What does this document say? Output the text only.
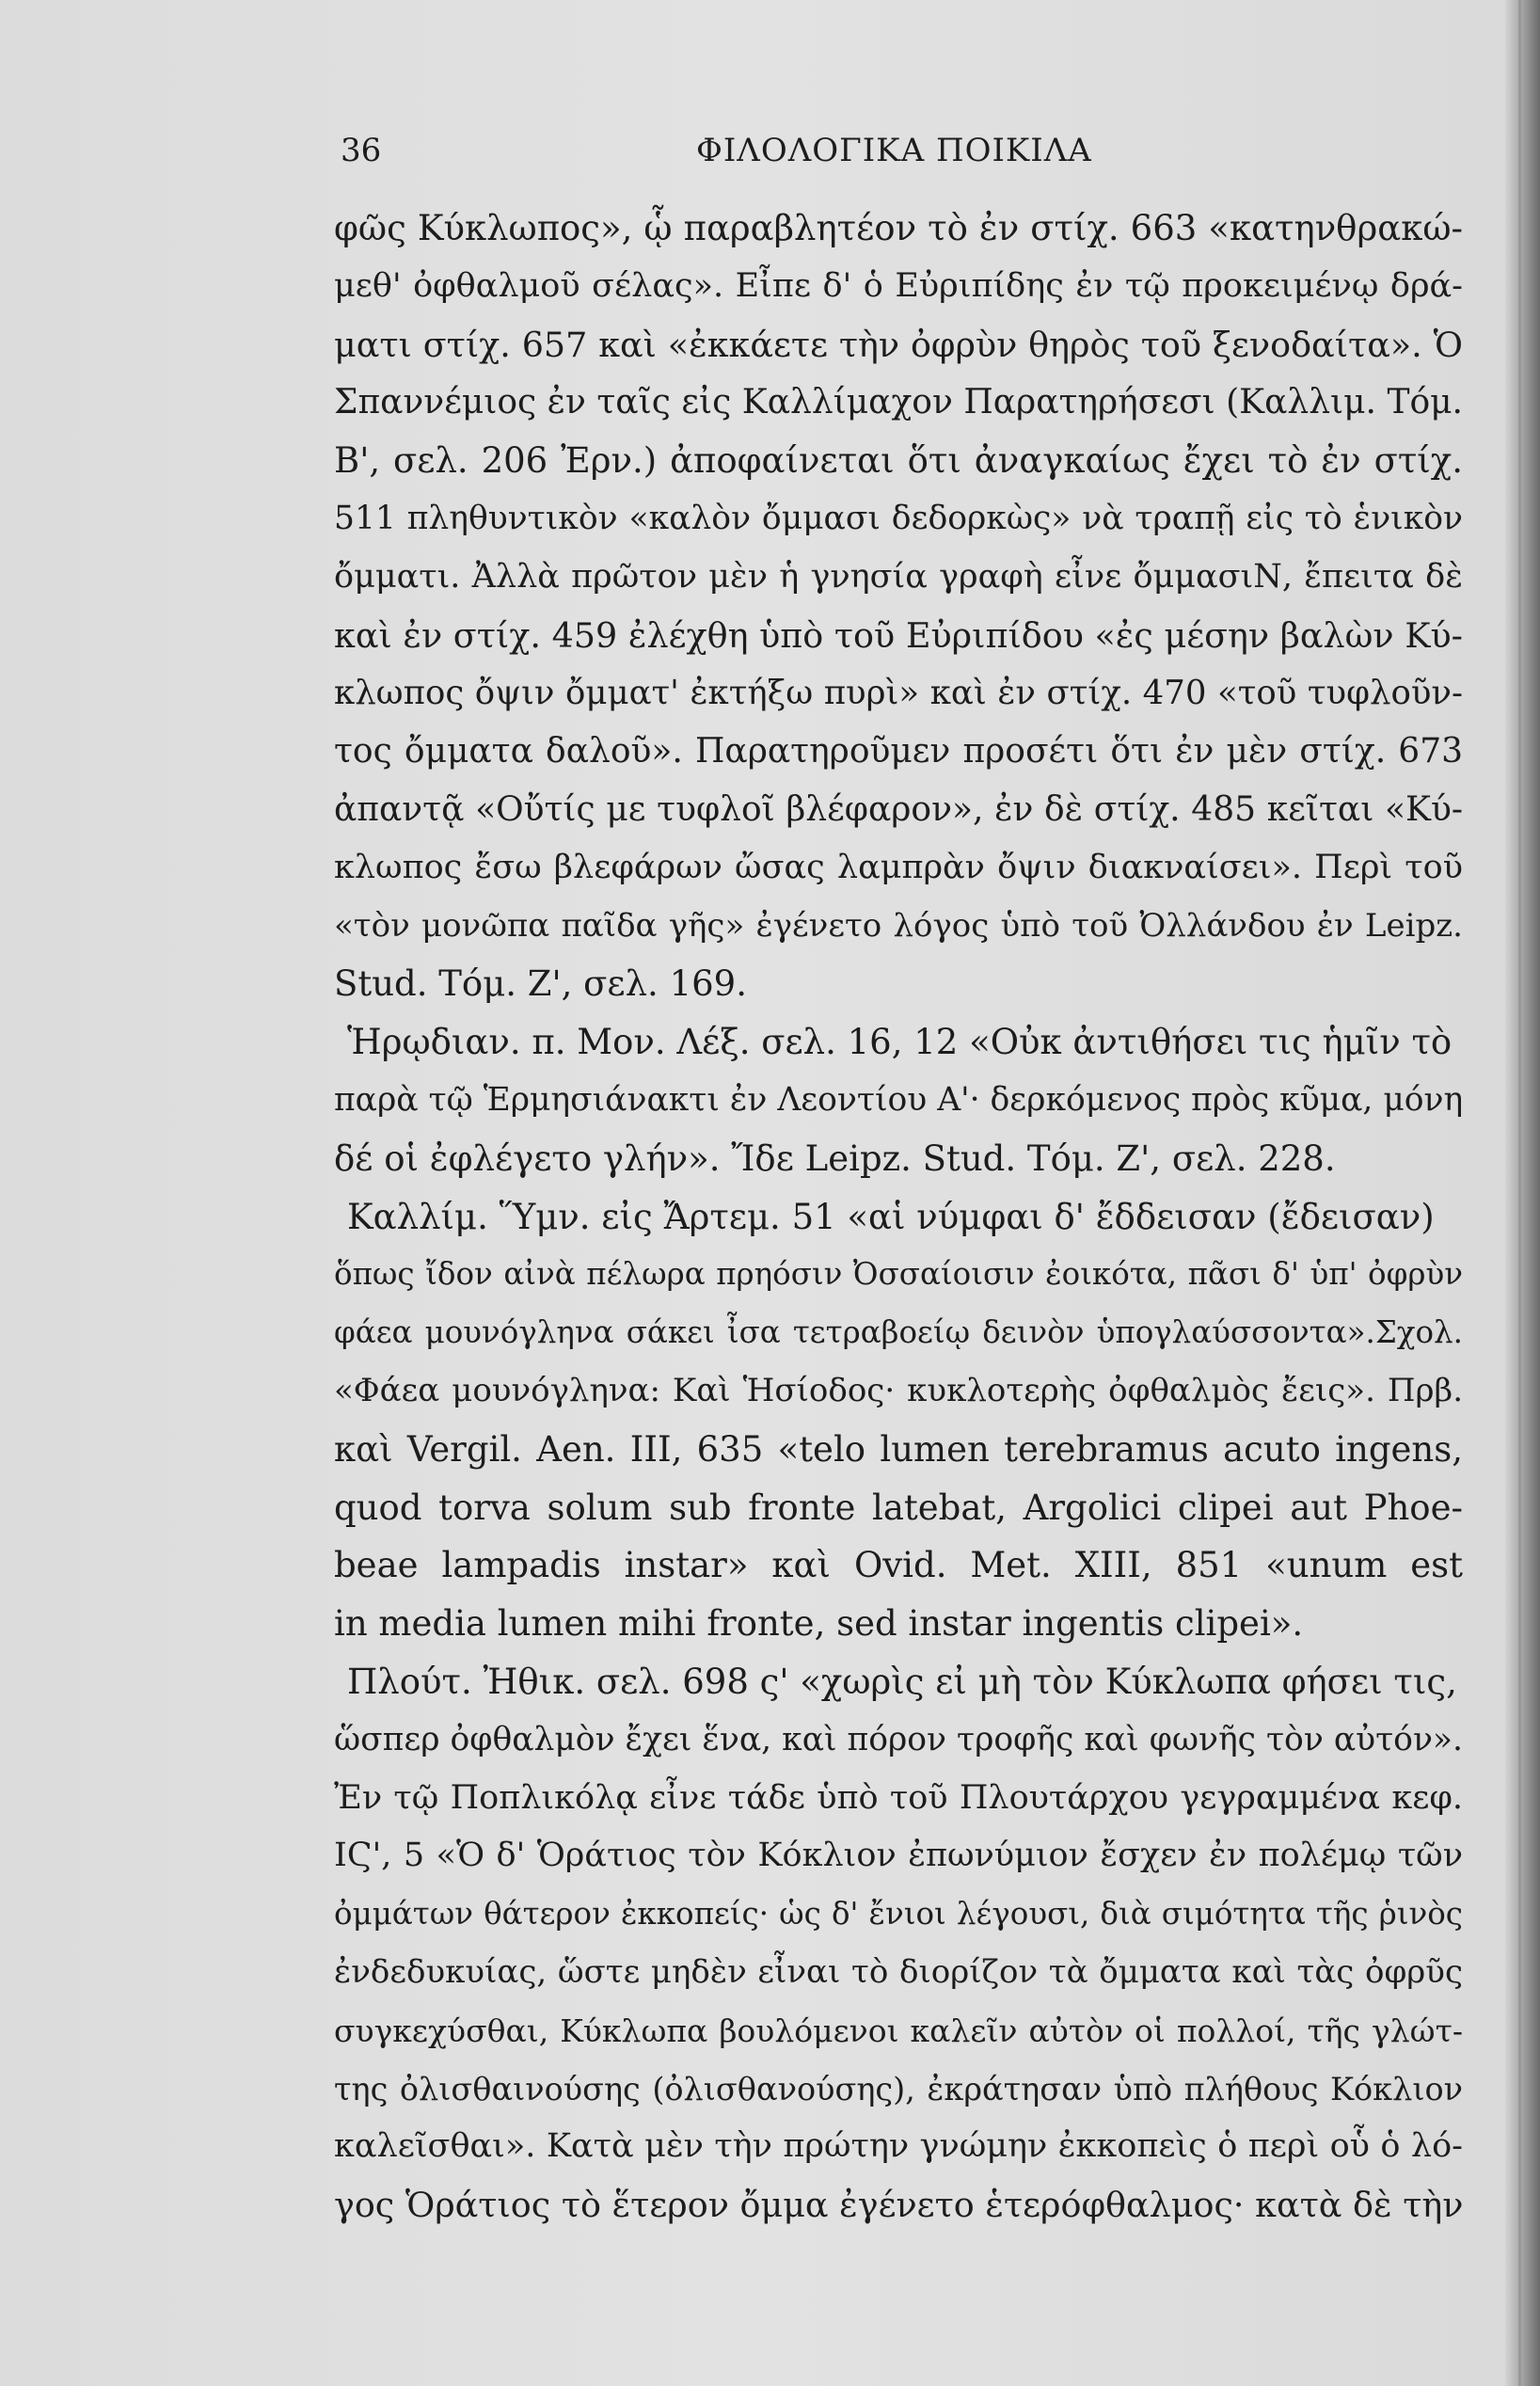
36	ΦΙΛΟΛΟΓΙΚΑ ΠΟΙΚΙΛΑ
φῶς Κύκλωπος», ᾧ παραβλητέον τὸ ἐν στίχ. 663 «κατηνθρακώ-
μεθ' ὀφθαλμοῦ σέλας». Εἶπε δ' ὁ Εὐριπίδης ἐν τῷ προκειμένῳ δρά-
ματι στίχ. 657 καὶ «ἐκκάετε τὴν ὀφρὺν θηρὸς τοῦ ξενοδαίτα». Ὁ
Σπαννέμιος ἐν ταῖς εἰς Καλλίμαχον Παρατηρήσεσι (Καλλιμ. Τόμ.
Β', σελ. 206 Ἐρν.) ἀποφαίνεται ὅτι ἀναγκαίως ἔχει τὸ ἐν στίχ.
511 πληθυντικὸν «καλὸν ὄμμασι δεδορκὼς» νὰ τραπῇ εἰς τὸ ἑνικὸν
ὄμματι. Ἀλλὰ πρῶτον μὲν ἡ γνησία γραφὴ εἶνε ὄμμασιΝ, ἔπειτα δὲ
καὶ ἐν στίχ. 459 ἐλέχθη ὑπὸ τοῦ Εὐριπίδου «ἐς μέσην βαλὼν Κύ-
κλωπος ὄψιν ὄμματ' ἐκτήξω πυρὶ» καὶ ἐν στίχ. 470 «τοῦ τυφλοῦν-
τος ὄμματα δαλοῦ». Παρατηροῦμεν προσέτι ὅτι ἐν μὲν στίχ. 673
ἀπαντᾷ «Οὔτίς με τυφλοῖ βλέφαρον», ἐν δὲ στίχ. 485 κεῖται «Κύ-
κλωπος ἔσω βλεφάρων ὤσας λαμπρὰν ὄψιν διακναίσει». Περὶ τοῦ
«τὸν μονῶπα παῖδα γῆς» ἐγένετο λόγος ὑπὸ τοῦ Ὀλλάνδου ἐν Leipz.
Stud. Τόμ. Ζ', σελ. 169.
Ἡρῳδιαν. π. Μον. Λέξ. σελ. 16, 12 «Οὐκ ἀντιθήσει τις ἡμῖν τὸ
παρὰ τῷ Ἑρμησιάνακτι ἐν Λεοντίου Α'· δερκόμενος πρὸς κῦμα, μόνη
δέ οἱ ἐφλέγετο γλήν». Ἴδε Leipz. Stud. Τόμ. Ζ', σελ. 228.
Καλλίμ. Ὕμν. εἰς Ἄρτεμ. 51 «αἱ νύμφαι δ' ἔδδεισαν (ἔδεισαν)
ὅπως ἴδον αἰνὰ πέλωρα πρηόσιν Ὀσσαίοισιν ἐοικότα, πᾶσι δ' ὑπ' ὀφρὺν
φάεα μουνόγληνα σάκει ἶσα τετραβοείῳ δεινὸν ὑπογλαύσσοντα».Σχολ.
«Φάεα μουνόγληνα: Καὶ Ἡσίοδος· κυκλοτερὴς ὀφθαλμὸς ἔεις». Πρβ.
καὶ Vergil. Aen. III, 635 «telo lumen terebramus acuto ingens,
quod torva solum sub fronte latebat, Argolici clipei aut Phoe-
beae lampadis instar» καὶ Ovid. Met. XIII, 851 «unum est
in media lumen mihi fronte, sed instar ingentis clipei».
Πλούτ. Ἠθικ. σελ. 698 ς' «χωρὶς εἰ μὴ τὸν Κύκλωπα φήσει τις,
ὥσπερ ὀφθαλμὸν ἔχει ἕνα, καὶ πόρον τροφῆς καὶ φωνῆς τὸν αὐτόν».
Ἐν τῷ Ποπλικόλᾳ εἶνε τάδε ὑπὸ τοῦ Πλουτάρχου γεγραμμένα κεφ.
ΙϚ', 5 «Ὁ δ' Ὁράτιος τὸν Κόκλιον ἐπωνύμιον ἔσχεν ἐν πολέμῳ τῶν
ὀμμάτων θάτερον ἐκκοπείς· ὡς δ' ἔνιοι λέγουσι, διὰ σιμότητα τῆς ῥινὸς
ἐνδεδυκυίας, ὥστε μηδὲν εἶναι τὸ διορίζον τὰ ὄμματα καὶ τὰς ὀφρῦς
συγκεχύσθαι, Κύκλωπα βουλόμενοι καλεῖν αὐτὸν οἱ πολλοί, τῆς γλώτ-
της ὀλισθαινούσης (ὀλισθανούσης), ἐκράτησαν ὑπὸ πλήθους Κόκλιον
καλεῖσθαι». Κατὰ μὲν τὴν πρώτην γνώμην ἐκκοπεὶς ὁ περὶ οὗ ὁ λό-
γος Ὁράτιος τὸ ἕτερον ὄμμα ἐγένετο ἑτερόφθαλμος· κατὰ δὲ τὴν
